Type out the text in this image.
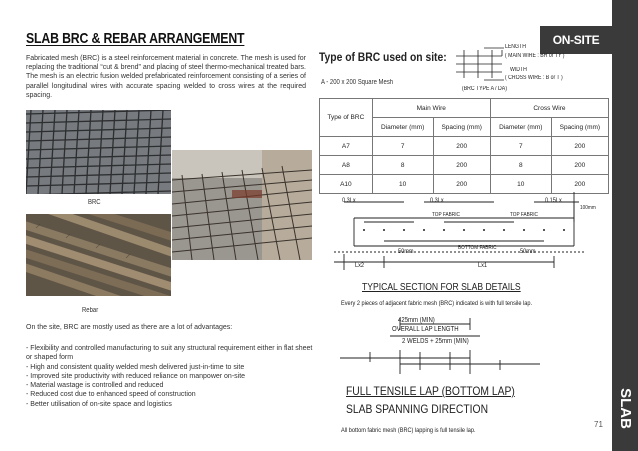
SLAB BRC & REBAR ARRANGEMENT	ON-SITE
SLAB
71

Fabricated mesh (BRC) is a steel reinforcement material in concrete. The mesh is used for replacing the traditional “cut & brend” and placing of steel thermo-mechanical treated bars. The mesh is an electric fusion welded prefabricated reinforcement consisting of a series of parallel longitudinal wires with accurate spacing welded to cross wires at the required spacing.

BRC
Rebar
On the site, BRC are mostly used as there are a lot of advantages:
- Flexibility and controlled manufacturing to suit any structural requirement either in flat sheet or shaped form
- High and consistent quality welded mesh delivered just-in-time to site
- Improved site productivity with reduced reliance on manpower on-site
- Material wastage is controlled and reduced
- Reduced cost due to enhanced speed of construction
- Better utilisation of on-site space and logistics
Type of BRC used on site:
A - 200 x 200 Square Mesh
LENGTH
( MAIN WIRE : BR or TY )
WIDTH
( CROSS WIRE : B or T )
(BRC TYPE A / DA)
Type of BRC	Main Wire		Cross Wire	
	Diameter (mm)	Spacing (mm)	Diameter (mm)	Spacing (mm)
A7	7	200	7	200
A8	8	200	8	200
A10	10	200	10	200
0.3Lx	0.3Lx	0.15Lx
100mm
TOP FABRIC	TOP FABRIC
50mm	BOTTOM FABRIC	50mm
Lx2	Lx1
TYPICAL SECTION FOR SLAB DETAILS
Every 2 pieces of adjacent fabric mesh (BRC) indicated is with full tensile lap.
425mm (MIN)
OVERALL LAP LENGTH
2 WELDS + 25mm (MIN)
FULL TENSILE LAP (BOTTOM LAP)
SLAB SPANNING DIRECTION
All bottom fabric mesh (BRC) lapping is full tensile lap.
